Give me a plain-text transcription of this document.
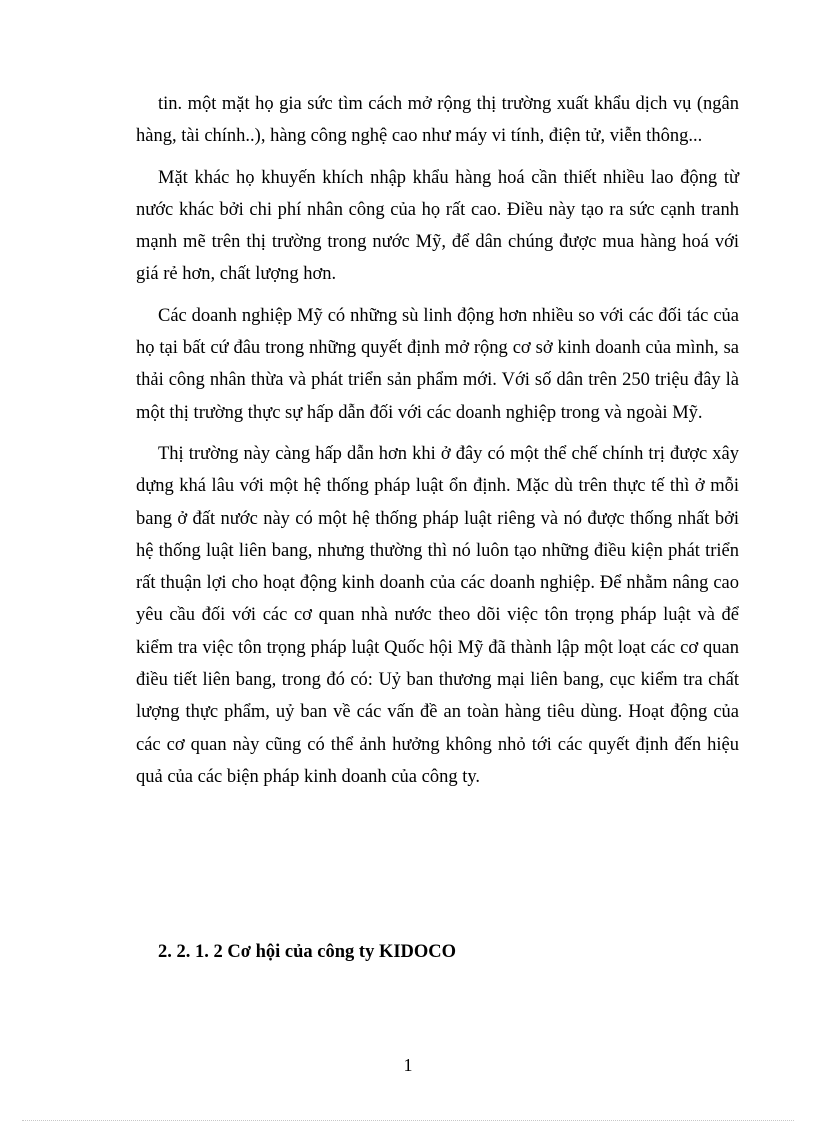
tin. một mặt họ gia sức tìm cách mở rộng thị trường xuất khẩu dịch vụ (ngân hàng, tài chính..), hàng công nghệ cao như máy vi tính, điện tử, viễn thông...

Mặt khác họ khuyến khích nhập khẩu hàng hoá cần thiết nhiều lao động từ nước khác bởi chi phí nhân công của họ rất cao. Điều này tạo ra sức cạnh tranh mạnh mẽ trên thị trường trong nước Mỹ, để dân chúng được mua hàng hoá với giá rẻ hơn, chất lượng hơn.

Các doanh nghiệp Mỹ có những sù linh động hơn nhiều so với các đối tác của họ tại bất cứ đâu trong những quyết định mở rộng cơ sở kinh doanh của mình, sa thải công nhân thừa và phát triển sản phẩm mới. Với số dân trên 250 triệu đây là một thị trường thực sự hấp dẫn đối với các doanh nghiệp trong và ngoài Mỹ.

Thị trường này càng hấp dẫn hơn khi ở đây có một thể chế chính trị được xây dựng khá lâu với một hệ thống pháp luật ổn định. Mặc dù trên thực tế thì ở mỗi bang ở đất nước này có một hệ thống pháp luật riêng và nó được thống nhất bởi hệ thống luật liên bang, nhưng thường thì nó luôn tạo những điều kiện phát triển rất thuận lợi cho hoạt động kinh doanh của các doanh nghiệp. Để nhằm nâng cao yêu cầu đối với các cơ quan nhà nước theo dõi việc tôn trọng pháp luật và để kiểm tra việc tôn trọng pháp luật Quốc hội Mỹ đã thành lập một loạt các cơ quan điều tiết liên bang, trong đó có: Uỷ ban thương mại liên bang, cục kiểm tra chất lượng thực phẩm, uỷ ban về các vấn đề an toàn hàng tiêu dùng. Hoạt động của các cơ quan này cũng có thể ảnh hưởng không nhỏ tới các quyết định đến hiệu quả của các biện pháp kinh doanh của công ty.

2. 2. 1. 2 Cơ hội của công ty KIDOCO
1
